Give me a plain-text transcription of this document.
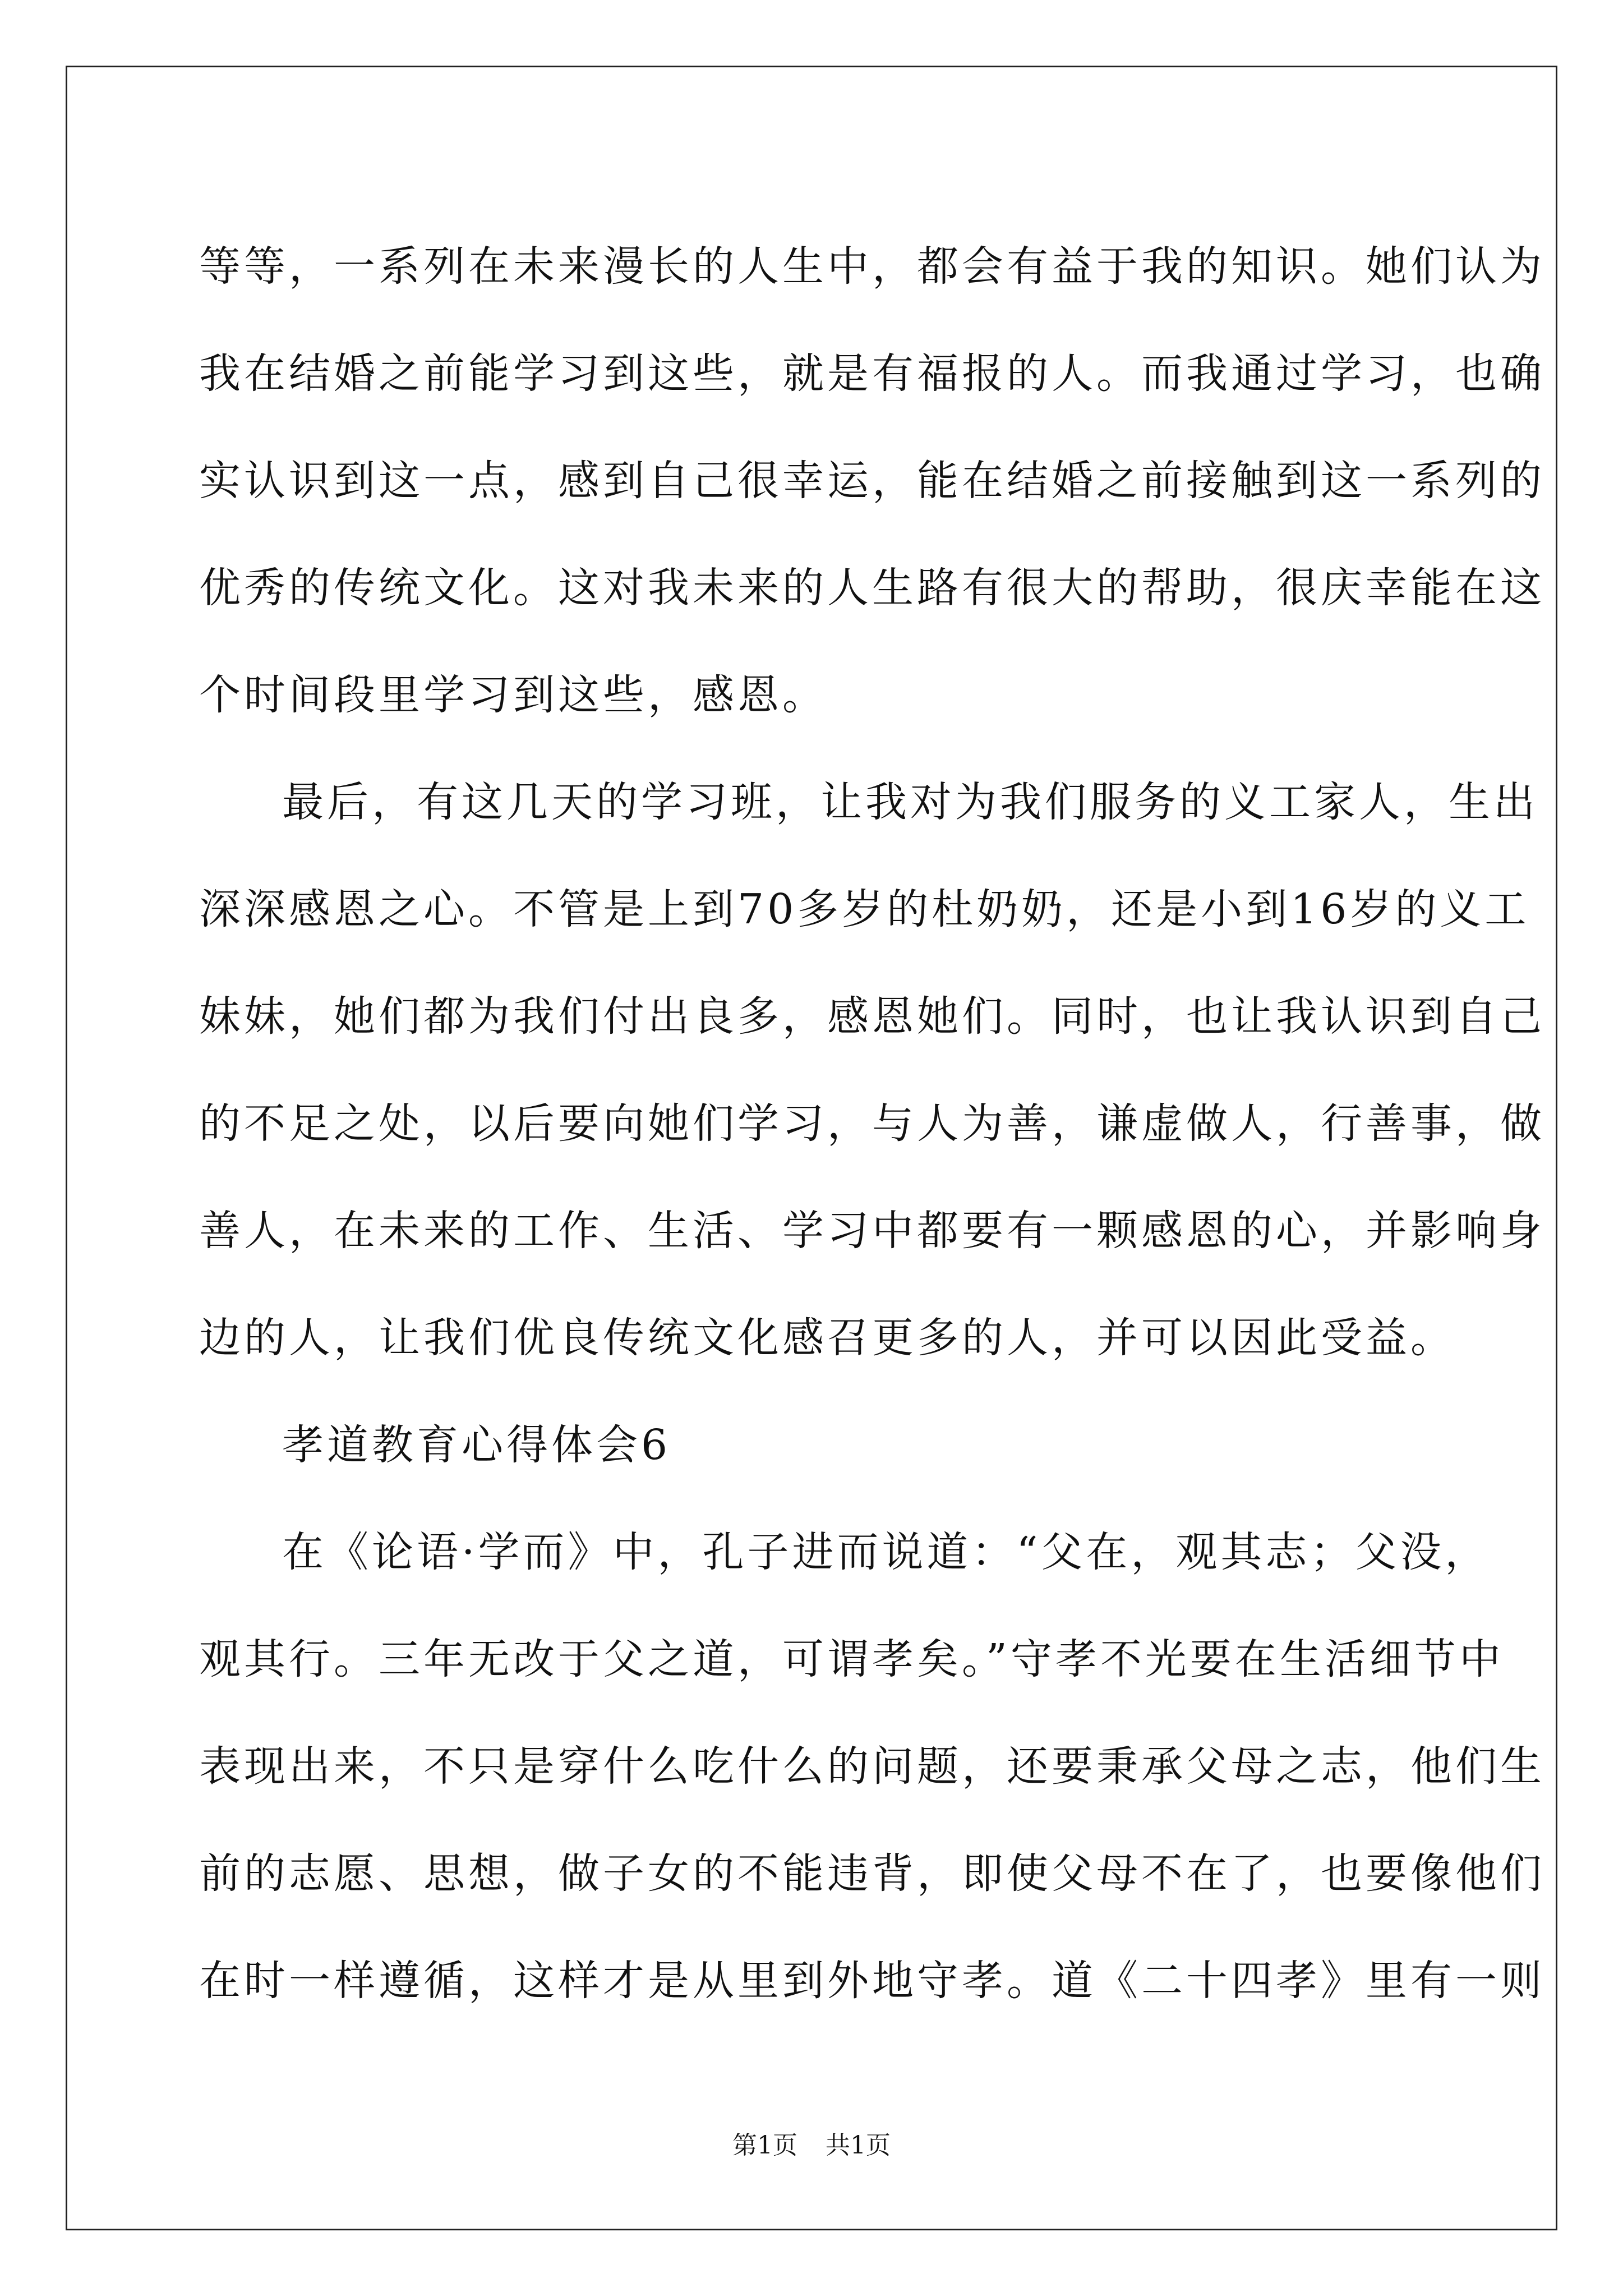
等等，一系列在未来漫长的人生中，都会有益于我的知识。她们认为
我在结婚之前能学习到这些，就是有福报的人。而我通过学习，也确
实认识到这一点，感到自己很幸运，能在结婚之前接触到这一系列的
优秀的传统文化。这对我未来的人生路有很大的帮助，很庆幸能在这
个时间段里学习到这些，感恩。
最后，有这几天的学习班，让我对为我们服务的义工家人，生出
深深感恩之心。不管是上到70多岁的杜奶奶，还是小到16岁的义工
妹妹，她们都为我们付出良多，感恩她们。同时，也让我认识到自己
的不足之处，以后要向她们学习，与人为善，谦虚做人，行善事，做
善人，在未来的工作、生活、学习中都要有一颗感恩的心，并影响身
边的人，让我们优良传统文化感召更多的人，并可以因此受益。
孝道教育心得体会6
在《论语·学而》中，孔子进而说道：“父在，观其志；父没，
观其行。三年无改于父之道，可谓孝矣。”守孝不光要在生活细节中
表现出来，不只是穿什么吃什么的问题，还要秉承父母之志，他们生
前的志愿、思想，做子女的不能违背，即使父母不在了，也要像他们
在时一样遵循，这样才是从里到外地守孝。道《二十四孝》里有一则
第1页 共1页
